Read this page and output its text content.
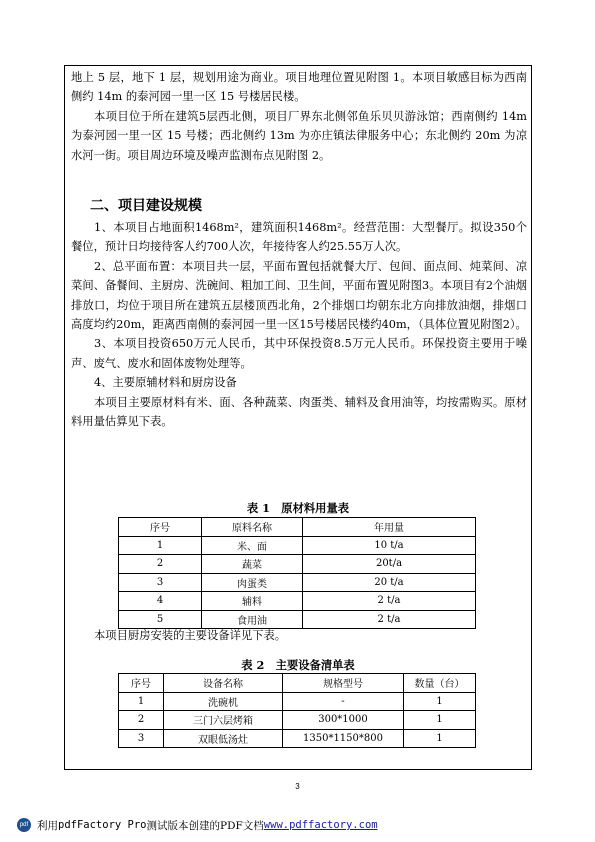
地上 5 层，地下 1 层，规划用途为商业。项目地理位置见附图 1。本项目敏感目标为西南侧约 14m 的泰河园一里一区 15 号楼居民楼。

本项目位于所在建筑5层西北侧，项目厂界东北侧邻鱼乐贝贝游泳馆；西南侧约 14m 为泰河园一里一区 15 号楼；西北侧约 13m 为亦庄镇法律服务中心；东北侧约 20m 为凉水河一街。项目周边环境及噪声监测布点见附图 2。

二、项目建设规模

1、本项目占地面积1468m²，建筑面积1468m²。经营范围：大型餐厅。拟设350个餐位，预计日均接待客人约700人次，年接待客人约25.55万人次。

2、总平面布置：本项目共一层，平面布置包括就餐大厅、包间、面点间、炖菜间、凉菜间、备餐间、主厨房、洗碗间、粗加工间、卫生间，平面布置见附图3。本项目有2个油烟排放口，均位于项目所在建筑五层楼顶西北角，2个排烟口均朝东北方向排放油烟，排烟口高度均约20m，距离西南侧的泰河园一里一区15号楼居民楼约40m，（具体位置见附图2）。

3、本项目投资650万元人民币，其中环保投资8.5万元人民币。环保投资主要用于噪声、废气、废水和固体废物处理等。

4、主要原辅材料和厨房设备

本项目主要原材料有米、面、各种蔬菜、肉蛋类、辅料及食用油等，均按需购买。原材料用量估算见下表。

表 1　原材料用量表
序号	原料名称	年用量
1	米、面	10 t/a
2	蔬菜	20t/a
3	肉蛋类	20 t/a
4	辅料	2 t/a
5	食用油	2 t/a

本项目厨房安装的主要设备详见下表。

表 2　主要设备清单表
序号	设备名称	规格型号	数量（台）
1	洗碗机	-	1
2	三门六层烤箱	300*1000	1
3	双眼低汤灶	1350*1150*800	1
3
pdf 利用 pdfFactory Pro 测试版本创建的PDF文档 www.pdffactory.com
